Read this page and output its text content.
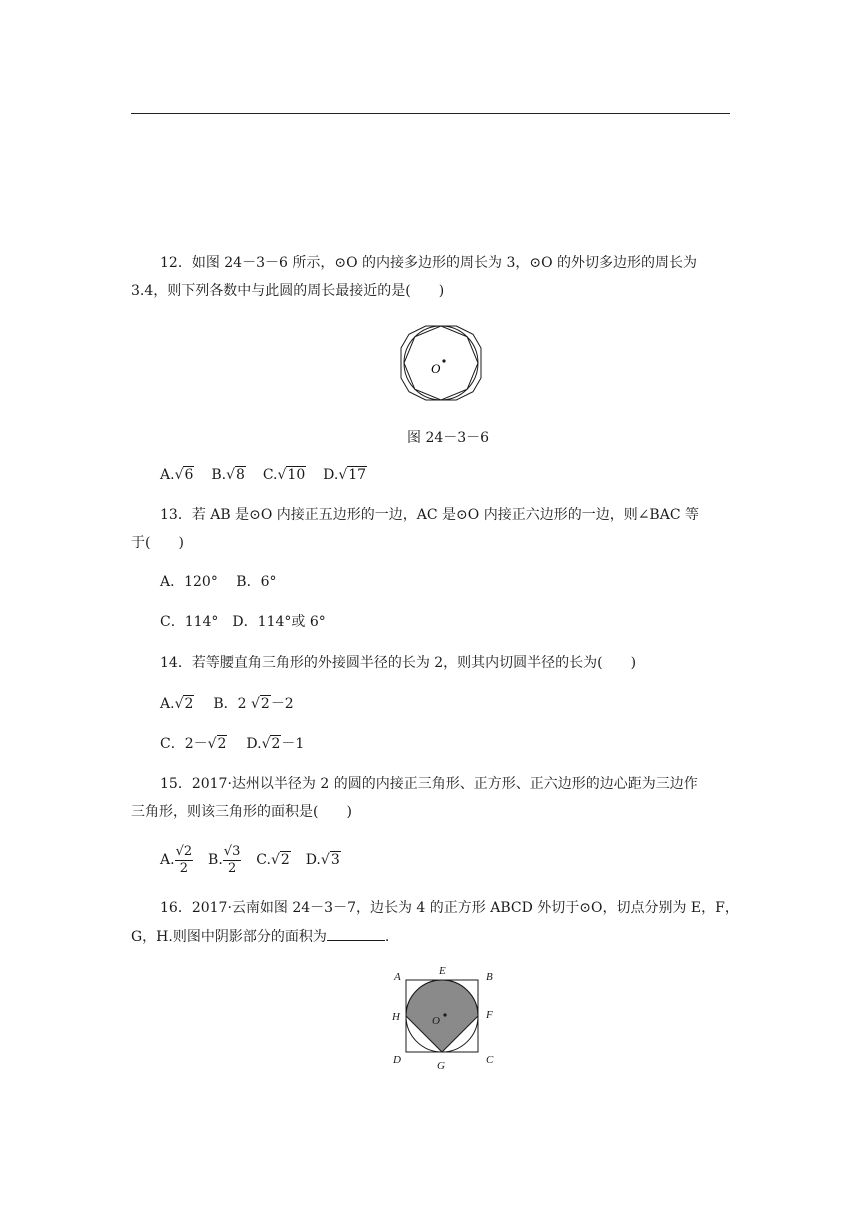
12．如图 24－3－6 所示，⊙O 的内接多边形的周长为 3，⊙O 的外切多边形的周长为
3.4，则下列各数中与此圆的周长最接近的是(　　)
O
图 24－3－6
A.√6 B.√8 C.√10 D.√17
13．若 AB 是⊙O 内接正五边形的一边，AC 是⊙O 内接正六边形的一边，则∠BAC 等
于(　　)
A．120°　 B．6°
C．114°　D．114°或 6°
14．若等腰直角三角形的外接圆半径的长为 2，则其内切圆半径的长为(　　)
A.√2 B．2 √2－2
C．2－√2 D.√2－1
15．2017·达州以半径为 2 的圆的内接正三角形、正方形、正六边形的边心距为三边作
三角形，则该三角形的面积是(　　)
A. $\frac{√2}{2} B$. $\frac{√3}{2} C.√2$ D.√3
16．2017·云南如图 24－3－7，边长为 4 的正方形 ABCD 外切于⊙O，切点分别为 E，F，
G，H.则图中阴影部分的面积为	.
A	E	B
H	O	F
D	G	C
